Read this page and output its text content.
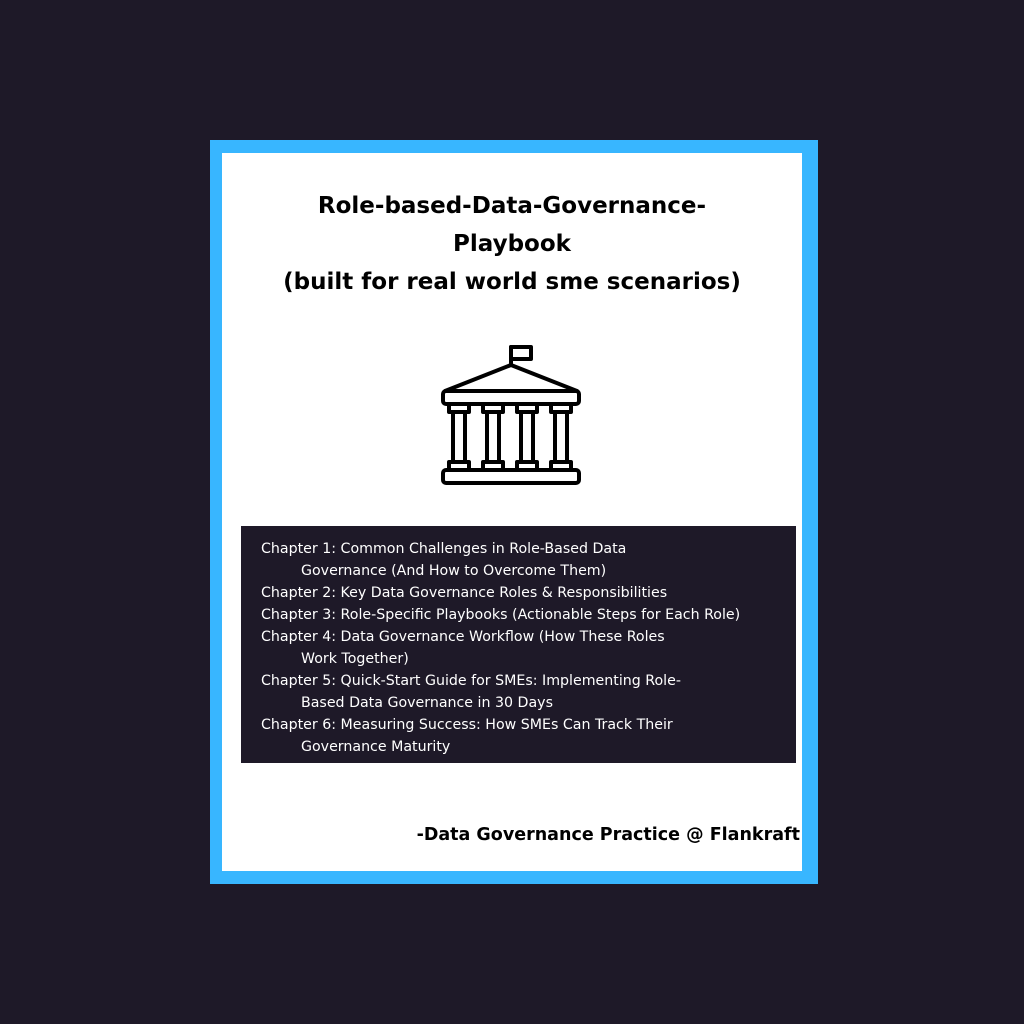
Role-based-Data-Governance-
Playbook
(built for real world sme scenarios)
Chapter 1: Common Challenges in Role-Based Data
Governance (And How to Overcome Them)
Chapter 2: Key Data Governance Roles & Responsibilities
Chapter 3: Role-Specific Playbooks (Actionable Steps for Each Role)
Chapter 4: Data Governance Workflow (How These Roles
Work Together)
Chapter 5: Quick-Start Guide for SMEs: Implementing Role-
Based Data Governance in 30 Days
Chapter 6: Measuring Success: How SMEs Can Track Their
Governance Maturity
-Data Governance Practice @ Flankraft
